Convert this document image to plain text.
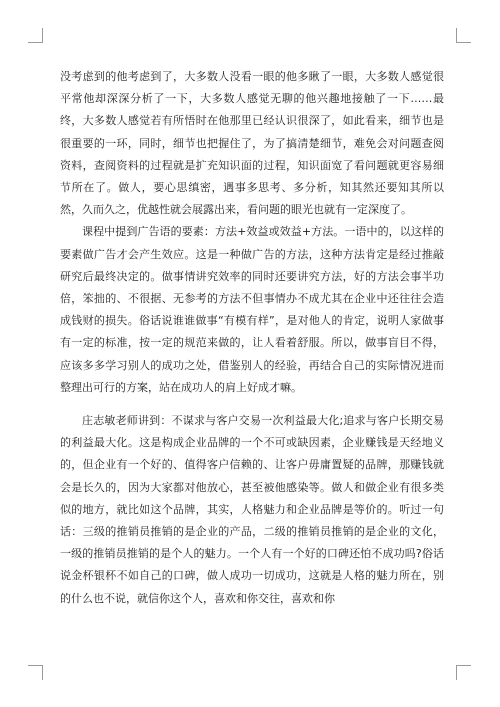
没考虑到的他考虑到了，大多数人没看一眼的他多瞅了一眼，大多数人感觉很平常他却深深分析了一下，大多数人感觉无聊的他兴趣地接触了一下……最终，大多数人感觉若有所悟时在他那里已经认识很深了，如此看来，细节也是很重要的一环，同时，细节也把握住了，为了搞清楚细节，难免会对问题查阅资料，查阅资料的过程就是扩充知识面的过程，知识面宽了看问题就更容易细节所在了。做人，要心思缜密，遇事多思考、多分析，知其然还要知其所以然，久而久之，优越性就会展露出来，看问题的眼光也就有一定深度了。

课程中提到广告语的要素：方法+效益或效益+方法。一语中的，以这样的要素做广告才会产生效应。这是一种做广告的方法，这种方法肯定是经过推敲研究后最终决定的。做事情讲究效率的同时还要讲究方法，好的方法会事半功倍，笨拙的、不很据、无参考的方法不但事情办不成尤其在企业中还往往会造成钱财的损失。俗话说谁谁做事“有模有样”，是对他人的肯定，说明人家做事有一定的标准，按一定的规范来做的，让人看着舒服。所以，做事盲目不得，应该多多学习别人的成功之处，借鉴别人的经验，再结合自己的实际情况进而整理出可行的方案，站在成功人的肩上好成才嘛。

庄志敏老师讲到：不谋求与客户交易一次利益最大化;追求与客户长期交易的利益最大化。这是构成企业品牌的一个不可或缺因素，企业赚钱是天经地义的，但企业有一个好的、值得客户信赖的、让客户毋庸置疑的品牌，那赚钱就会是长久的，因为大家都对他放心，甚至被他感染等。做人和做企业有很多类似的地方，就比如这个品牌，其实，人格魅力和企业品牌是等价的。听过一句话：三级的推销员推销的是企业的产品，二级的推销员推销的是企业的文化，一级的推销员推销的是个人的魅力。一个人有一个好的口碑还怕不成功吗?俗话说金杯银杯不如自己的口碑，做人成功一切成功，这就是人格的魅力所在，别的什么也不说，就信你这个人，喜欢和你交往，喜欢和你
